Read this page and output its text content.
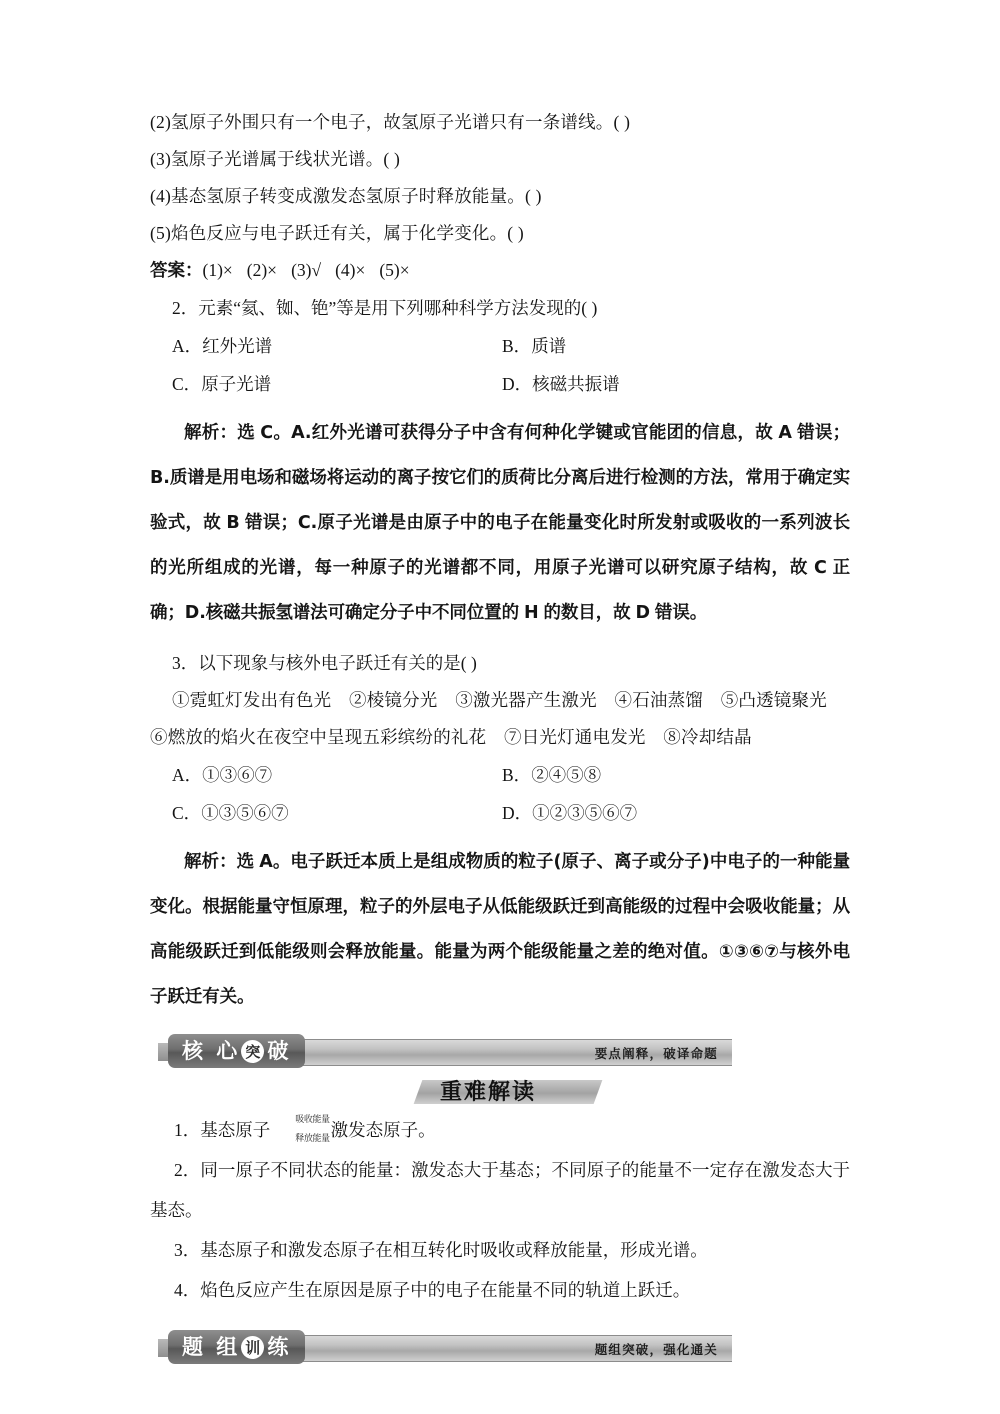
(2)氢原子外围只有一个电子，故氢原子光谱只有一条谱线。( )
(3)氢原子光谱属于线状光谱。( )
(4)基态氢原子转变成激发态氢原子时释放能量。( )
(5)焰色反应与电子跃迁有关，属于化学变化。( )
答案：(1)× (2)× (3)√ (4)× (5)×
2．元素“氦、铷、铯”等是用下列哪种科学方法发现的( )
A．红外光谱	B．质谱
C．原子光谱	D．核磁共振谱
解析：选 C。A.红外光谱可获得分子中含有何种化学键或官能团的信息，故 A 错误；B.质谱是用电场和磁场将运动的离子按它们的质荷比分离后进行检测的方法，常用于确定实验式，故 B 错误；C.原子光谱是由原子中的电子在能量变化时所发射或吸收的一系列波长的光所组成的光谱，每一种原子的光谱都不同，用原子光谱可以研究原子结构，故 C 正确；D.核磁共振氢谱法可确定分子中不同位置的 H 的数目，故 D 错误。
3．以下现象与核外电子跃迁有关的是( )
①霓虹灯发出有色光　②棱镜分光　③激光器产生激光　④石油蒸馏　⑤凸透镜聚光
⑥燃放的焰火在夜空中呈现五彩缤纷的礼花　⑦日光灯通电发光　⑧冷却结晶
A．①③⑥⑦	B．②④⑤⑧
C．①③⑤⑥⑦	D．①②③⑤⑥⑦
解析：选 A。电子跃迁本质上是组成物质的粒子(原子、离子或分子)中电子的一种能量变化。根据能量守恒原理，粒子的外层电子从低能级跃迁到高能级的过程中会吸收能量；从高能级跃迁到低能级则会释放能量。能量为两个能级能量之差的绝对值。①③⑥⑦与核外电子跃迁有关。
要点阐释，破译命题
核 心 突 破
重难解读
1．基态原子
吸收能量
释放能量 激发态原子。
2．同一原子不同状态的能量：激发态大于基态；不同原子的能量不一定存在激发态大于基态。
3．基态原子和激发态原子在相互转化时吸收或释放能量，形成光谱。
4．焰色反应产生在原因是原子中的电子在能量不同的轨道上跃迁。
题组突破，强化通关
题 组 训 练
